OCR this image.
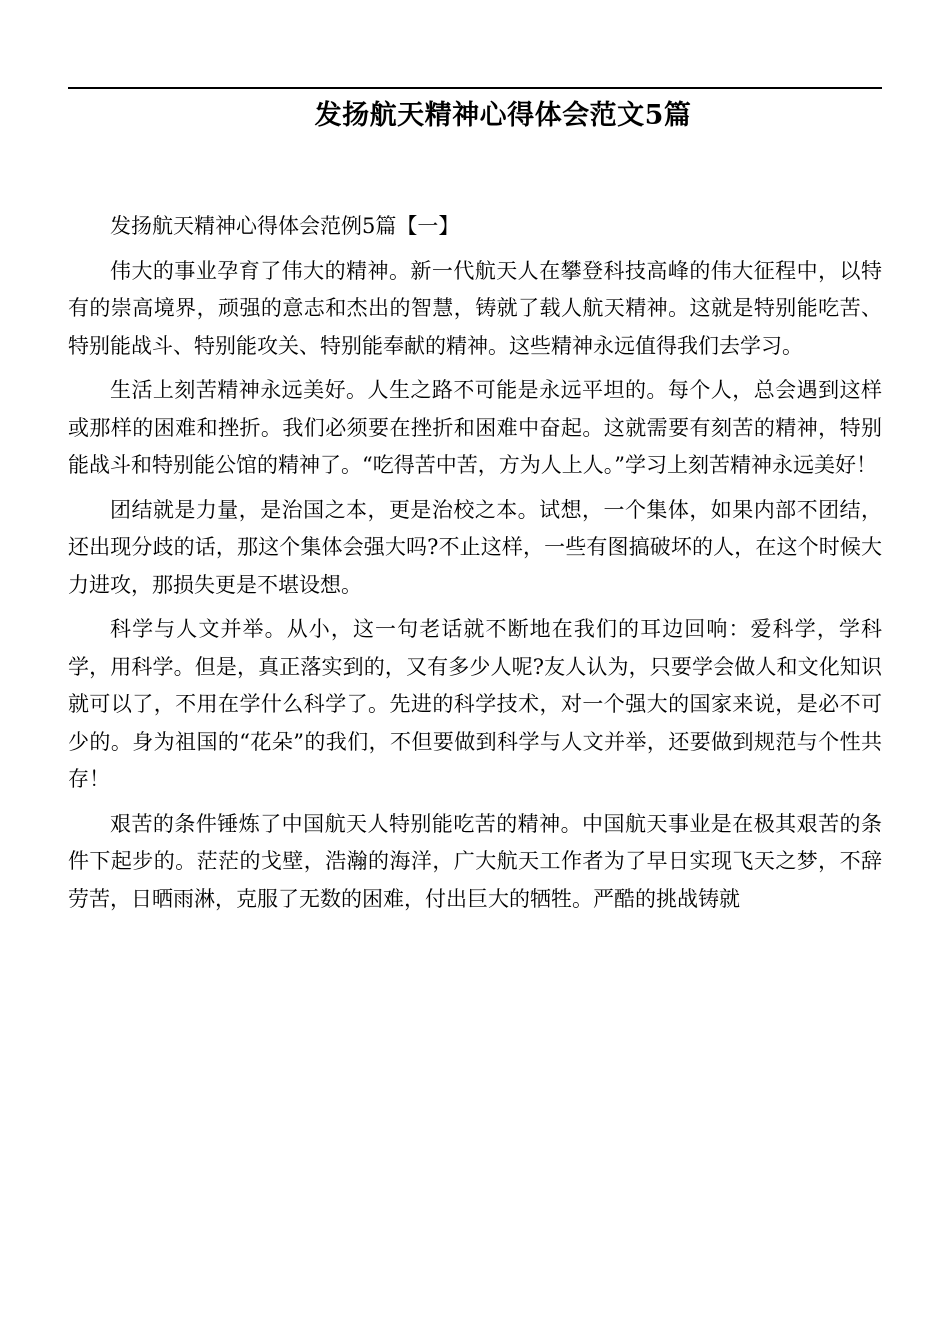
发扬航天精神心得体会范文5篇

发扬航天精神心得体会范例5篇【一】

伟大的事业孕育了伟大的精神。新一代航天人在攀登科技高峰的伟大征程中，以特有的崇高境界，顽强的意志和杰出的智慧，铸就了载人航天精神。这就是特别能吃苦、特别能战斗、特别能攻关、特别能奉献的精神。这些精神永远值得我们去学习。

生活上刻苦精神永远美好。人生之路不可能是永远平坦的。每个人，总会遇到这样或那样的困难和挫折。我们必须要在挫折和困难中奋起。这就需要有刻苦的精神，特别能战斗和特别能公馆的精神了。“吃得苦中苦，方为人上人。”学习上刻苦精神永远美好！

团结就是力量，是治国之本，更是治校之本。试想，一个集体，如果内部不团结，还出现分歧的话，那这个集体会强大吗?不止这样，一些有图搞破坏的人，在这个时候大力进攻，那损失更是不堪设想。

科学与人文并举。从小，这一句老话就不断地在我们的耳边回响：爱科学，学科学，用科学。但是，真正落实到的，又有多少人呢?友人认为，只要学会做人和文化知识就可以了，不用在学什么科学了。先进的科学技术，对一个强大的国家来说，是必不可少的。身为祖国的“花朵”的我们，不但要做到科学与人文并举，还要做到规范与个性共存！

艰苦的条件锤炼了中国航天人特别能吃苦的精神。中国航天事业是在极其艰苦的条件下起步的。茫茫的戈壁，浩瀚的海洋，广大航天工作者为了早日实现飞天之梦，不辞劳苦，日晒雨淋，克服了无数的困难，付出巨大的牺牲。严酷的挑战铸就
